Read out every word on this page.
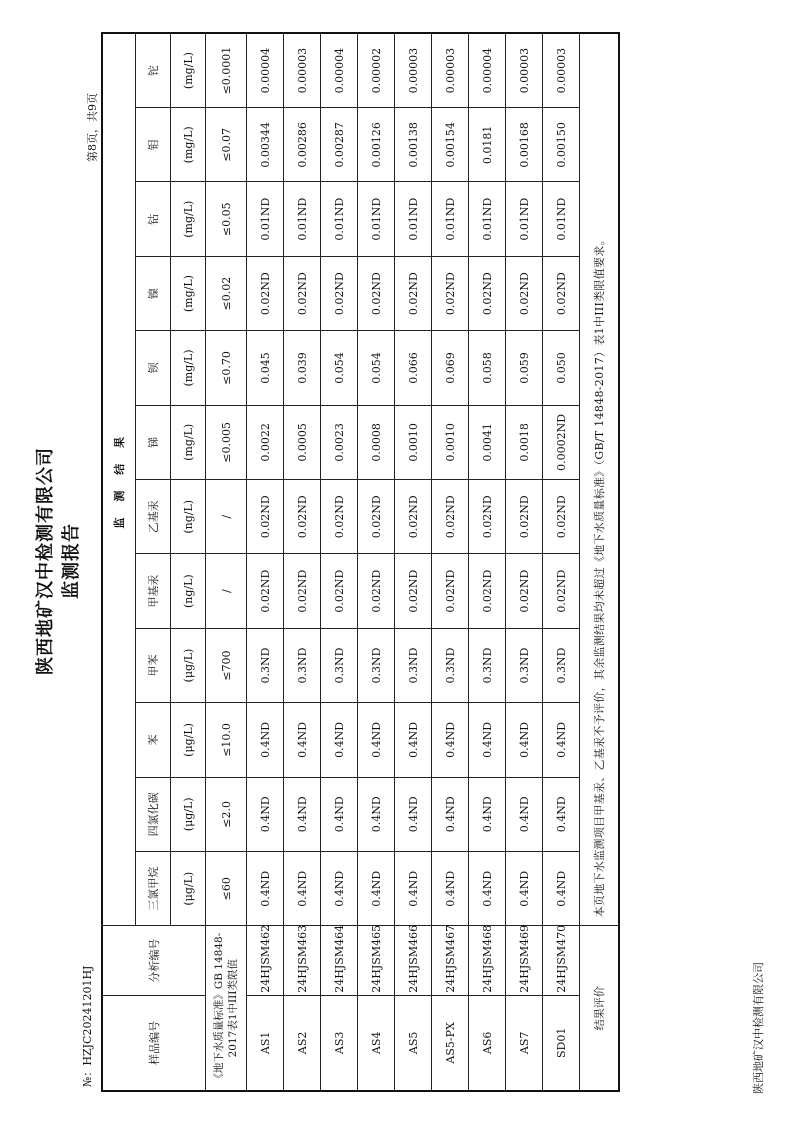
陕西地矿汉中检测有限公司 监测报告
№：HZJC20241201HJ
第8页，共9页
样品编号	分析编号	监 测 结 果											
		三氯甲烷	四氯化碳	苯	甲苯	甲基汞	乙基汞	锑	钡	镍	钴	钼	铊
		(μg/L)	(μg/L)	(μg/L)	(μg/L)	(ng/L)	(ng/L)	(mg/L)	(mg/L)	(mg/L)	(mg/L)	(mg/L)	(mg/L)
《地下水质量标准》GB 14848-2017表1中III类限值		≤60	≤2.0	≤10.0	≤700	/	/	≤0.005	≤0.70	≤0.02	≤0.05	≤0.07	≤0.0001
AS1	24HJSM462	0.4ND	0.4ND	0.4ND	0.3ND	0.02ND	0.02ND	0.0022	0.045	0.02ND	0.01ND	0.00344	0.00004
AS2	24HJSM463	0.4ND	0.4ND	0.4ND	0.3ND	0.02ND	0.02ND	0.0005	0.039	0.02ND	0.01ND	0.00286	0.00003
AS3	24HJSM464	0.4ND	0.4ND	0.4ND	0.3ND	0.02ND	0.02ND	0.0023	0.054	0.02ND	0.01ND	0.00287	0.00004
AS4	24HJSM465	0.4ND	0.4ND	0.4ND	0.3ND	0.02ND	0.02ND	0.0008	0.054	0.02ND	0.01ND	0.00126	0.00002
AS5	24HJSM466	0.4ND	0.4ND	0.4ND	0.3ND	0.02ND	0.02ND	0.0010	0.066	0.02ND	0.01ND	0.00138	0.00003
AS5-PX	24HJSM467	0.4ND	0.4ND	0.4ND	0.3ND	0.02ND	0.02ND	0.0010	0.069	0.02ND	0.01ND	0.00154	0.00003
AS6	24HJSM468	0.4ND	0.4ND	0.4ND	0.3ND	0.02ND	0.02ND	0.0041	0.058	0.02ND	0.01ND	0.0181	0.00004
AS7	24HJSM469	0.4ND	0.4ND	0.4ND	0.3ND	0.02ND	0.02ND	0.0018	0.059	0.02ND	0.01ND	0.00168	0.00003
SD01	24HJSM470	0.4ND	0.4ND	0.4ND	0.3ND	0.02ND	0.02ND	0.0002ND	0.050	0.02ND	0.01ND	0.00150	0.00003
结果评价		本页地下水监测项目甲基汞、乙基汞不予评价，其余监测结果均未超过《地下水质量标准》（GB/T 14848-2017）表1中III类限值要求。											
陕西地矿汉中检测有限公司
